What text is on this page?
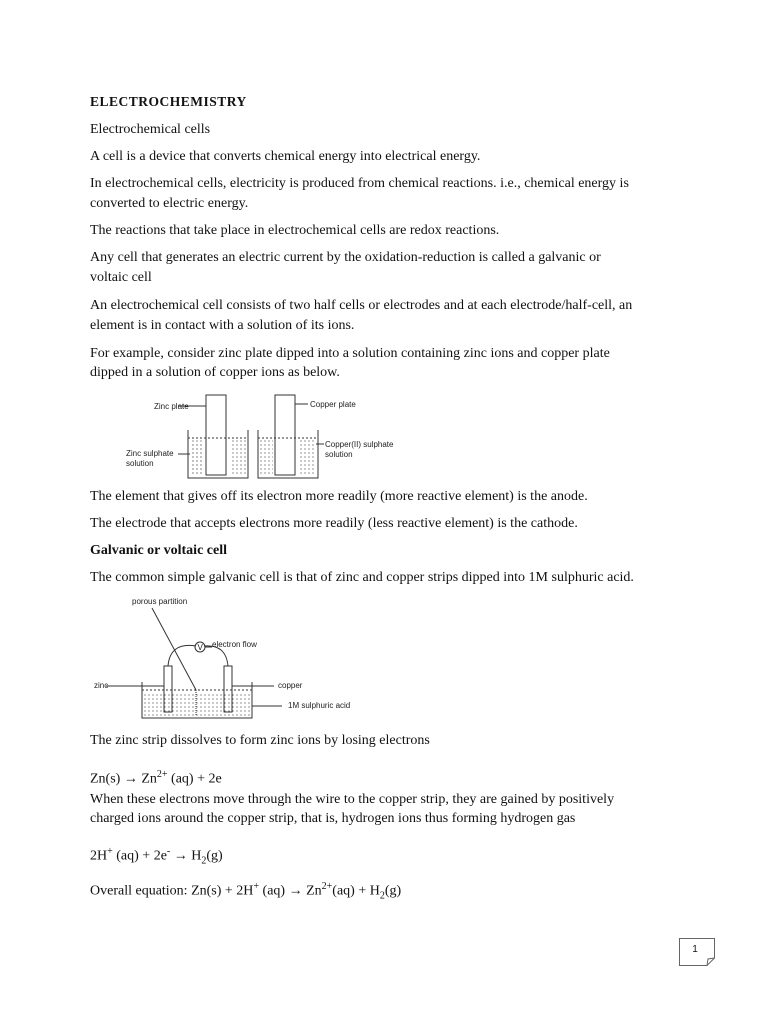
ELECTROCHEMISTRY

Electrochemical cells

A cell is a device that converts chemical energy into electrical energy.

In electrochemical cells, electricity is produced from chemical reactions. i.e., chemical energy is

converted to electric energy.

The reactions that take place in electrochemical cells are redox reactions.

Any cell that generates an electric current by the oxidation-reduction is called a galvanic or

voltaic cell

An electrochemical cell consists of two half cells or electrodes and at each electrode/half-cell, an

element is in contact with a solution of its ions.

For example, consider zinc plate dipped into a solution containing zinc ions and copper plate

dipped in a solution of copper ions as below.

Zinc plate	Copper plate
Zinc sulphate
solution
Copper(II) sulphate
solution

The element that gives off its electron more readily (more reactive element) is the anode.

The electrode that accepts electrons more readily (less reactive element) is the cathode.

Galvanic or voltaic cell

The common simple galvanic cell is that of zinc and copper strips dipped into 1M sulphuric acid.

V
porous partition
electron flow
zinc	copper
1M sulphuric acid

The zinc strip dissolves to form zinc ions by losing electrons

$Zn(s) \to Zn^{2+}$ (aq) + 2e

When these electrons move through the wire to the copper strip, they are gained by positively

charged ions around the copper strip, that is, hydrogen ions thus forming hydrogen gas

2H+ $(aq) + 2e^- \to H_2(g)$

Overall equation: Zn(s) + 2H+ $(aq) \to Zn^{2+}(aq) + H_2(g)$

1
